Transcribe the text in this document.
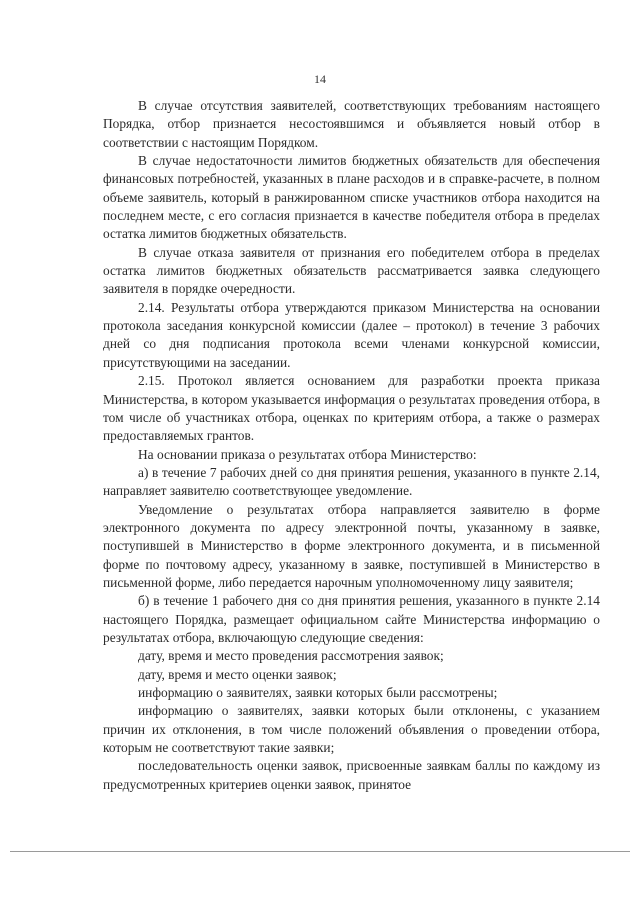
14

В случае отсутствия заявителей, соответствующих требованиям настоящего Порядка, отбор признается несостоявшимся и объявляется новый отбор в соответствии с настоящим Порядком.

В случае недостаточности лимитов бюджетных обязательств для обеспечения финансовых потребностей, указанных в плане расходов и в справке-расчете, в полном объеме заявитель, который в ранжированном списке участников отбора находится на последнем месте, с его согласия признается в качестве победителя отбора в пределах остатка лимитов бюджетных обязательств.

В случае отказа заявителя от признания его победителем отбора в пределах остатка лимитов бюджетных обязательств рассматривается заявка следующего заявителя в порядке очередности.

2.14. Результаты отбора утверждаются приказом Министерства на основании протокола заседания конкурсной комиссии (далее – протокол) в течение 3 рабочих дней со дня подписания протокола всеми членами конкурсной комиссии, присутствующими на заседании.

2.15. Протокол является основанием для разработки проекта приказа Министерства, в котором указывается информация о результатах проведения отбора, в том числе об участниках отбора, оценках по критериям отбора, а также о размерах предоставляемых грантов.

На основании приказа о результатах отбора Министерство:

а) в течение 7 рабочих дней со дня принятия решения, указанного в пункте 2.14, направляет заявителю соответствующее уведомление.

Уведомление о результатах отбора направляется заявителю в форме электронного документа по адресу электронной почты, указанному в заявке, поступившей в Министерство в форме электронного документа, и в письменной форме по почтовому адресу, указанному в заявке, поступившей в Министерство в письменной форме, либо передается нарочным уполномоченному лицу заявителя;

б) в течение 1 рабочего дня со дня принятия решения, указанного в пункте 2.14 настоящего Порядка, размещает официальном сайте Министерства информацию о результатах отбора, включающую следующие сведения:

дату, время и место проведения рассмотрения заявок;

дату, время и место оценки заявок;

информацию о заявителях, заявки которых были рассмотрены;

информацию о заявителях, заявки которых были отклонены, с указанием причин их отклонения, в том числе положений объявления о проведении отбора, которым не соответствуют такие заявки;

последовательность оценки заявок, присвоенные заявкам баллы по каждому из предусмотренных критериев оценки заявок, принятое
